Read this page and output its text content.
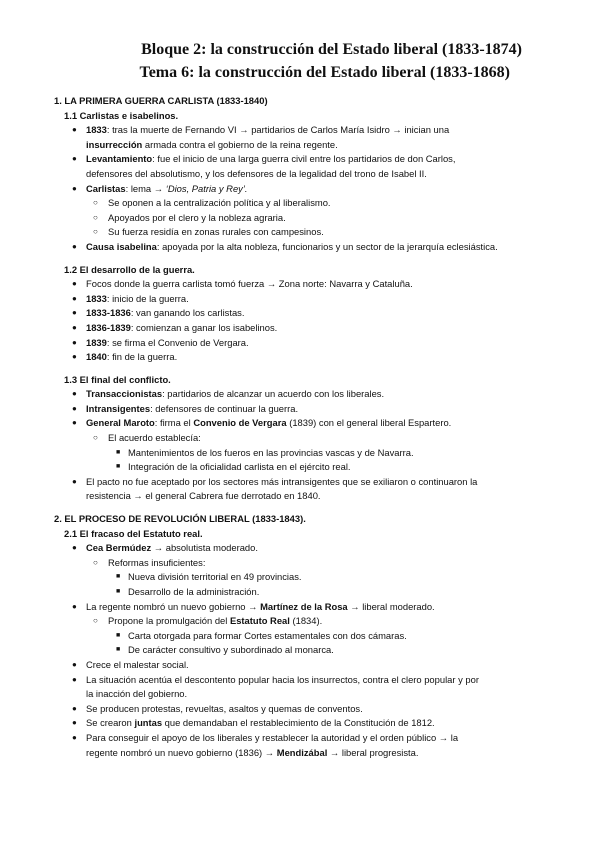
Bloque 2: la construcción del Estado liberal (1833-1874)
Tema 6: la construcción del Estado liberal (1833-1868)
1. LA PRIMERA GUERRA CARLISTA (1833-1840)
1.1 Carlistas e isabelinos.
● 1833: tras la muerte de Fernando VI → partidarios de Carlos María Isidro → inician una
insurrección armada contra el gobierno de la reina regente.
● Levantamiento: fue el inicio de una larga guerra civil entre los partidarios de don Carlos,
defensores del absolutismo, y los defensores de la legalidad del trono de Isabel II.
● Carlistas: lema → ‘Dios, Patria y Rey’.
○ Se oponen a la centralización política y al liberalismo.
○ Apoyados por el clero y la nobleza agraria.
○ Su fuerza residía en zonas rurales con campesinos.
● Causa isabelina: apoyada por la alta nobleza, funcionarios y un sector de la jerarquía eclesiástica.
1.2 El desarrollo de la guerra.
● Focos donde la guerra carlista tomó fuerza → Zona norte: Navarra y Cataluña.
● 1833: inicio de la guerra.
● 1833-1836: van ganando los carlistas.
● 1836-1839: comienzan a ganar los isabelinos.
● 1839: se firma el Convenio de Vergara.
● 1840: fin de la guerra.
1.3 El final del conflicto.
● Transaccionistas: partidarios de alcanzar un acuerdo con los liberales.
● Intransigentes: defensores de continuar la guerra.
● General Maroto: firma el Convenio de Vergara (1839) con el general liberal Espartero.
○ El acuerdo establecía:
■ Mantenimientos de los fueros en las provincias vascas y de Navarra.
■ Integración de la oficialidad carlista en el ejército real.
● El pacto no fue aceptado por los sectores más intransigentes que se exiliaron o continuaron la
resistencia → el general Cabrera fue derrotado en 1840.
2. EL PROCESO DE REVOLUCIÓN LIBERAL (1833-1843).
2.1 El fracaso del Estatuto real.
● Cea Bermúdez → absolutista moderado.
○ Reformas insuficientes:
■ Nueva división territorial en 49 provincias.
■ Desarrollo de la administración.
● La regente nombró un nuevo gobierno → Martínez de la Rosa → liberal moderado.
○ Propone la promulgación del Estatuto Real (1834).
■ Carta otorgada para formar Cortes estamentales con dos cámaras.
■ De carácter consultivo y subordinado al monarca.
● Crece el malestar social.
● La situación acentúa el descontento popular hacia los insurrectos, contra el clero popular y por
la inacción del gobierno.
● Se producen protestas, revueltas, asaltos y quemas de conventos.
● Se crearon juntas que demandaban el restablecimiento de la Constitución de 1812.
● Para conseguir el apoyo de los liberales y restablecer la autoridad y el orden público → la
regente nombró un nuevo gobierno (1836) → Mendizábal → liberal progresista.
